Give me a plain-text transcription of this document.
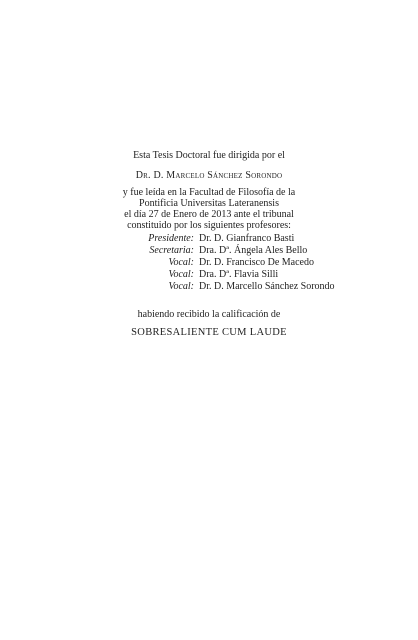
Esta Tesis Doctoral fue dirigida por el
Dr. D. Marcelo Sánchez Sorondo
y fue leída en la Facultad de Filosofía de la
Pontificia Universitas Lateranensis
el día 27 de Enero de 2013 ante el tribunal
constituido por los siguientes profesores:
Presidente: Dr. D. Gianfranco Basti
Secretaria: Dra. Dª. Ángela Ales Bello
Vocal: Dr. D. Francisco De Macedo
Vocal: Dra. Dª. Flavia Silli
Vocal: Dr. D. Marcello Sánchez Sorondo
habiendo recibido la calificación de
SOBRESALIENTE CUM LAUDE
